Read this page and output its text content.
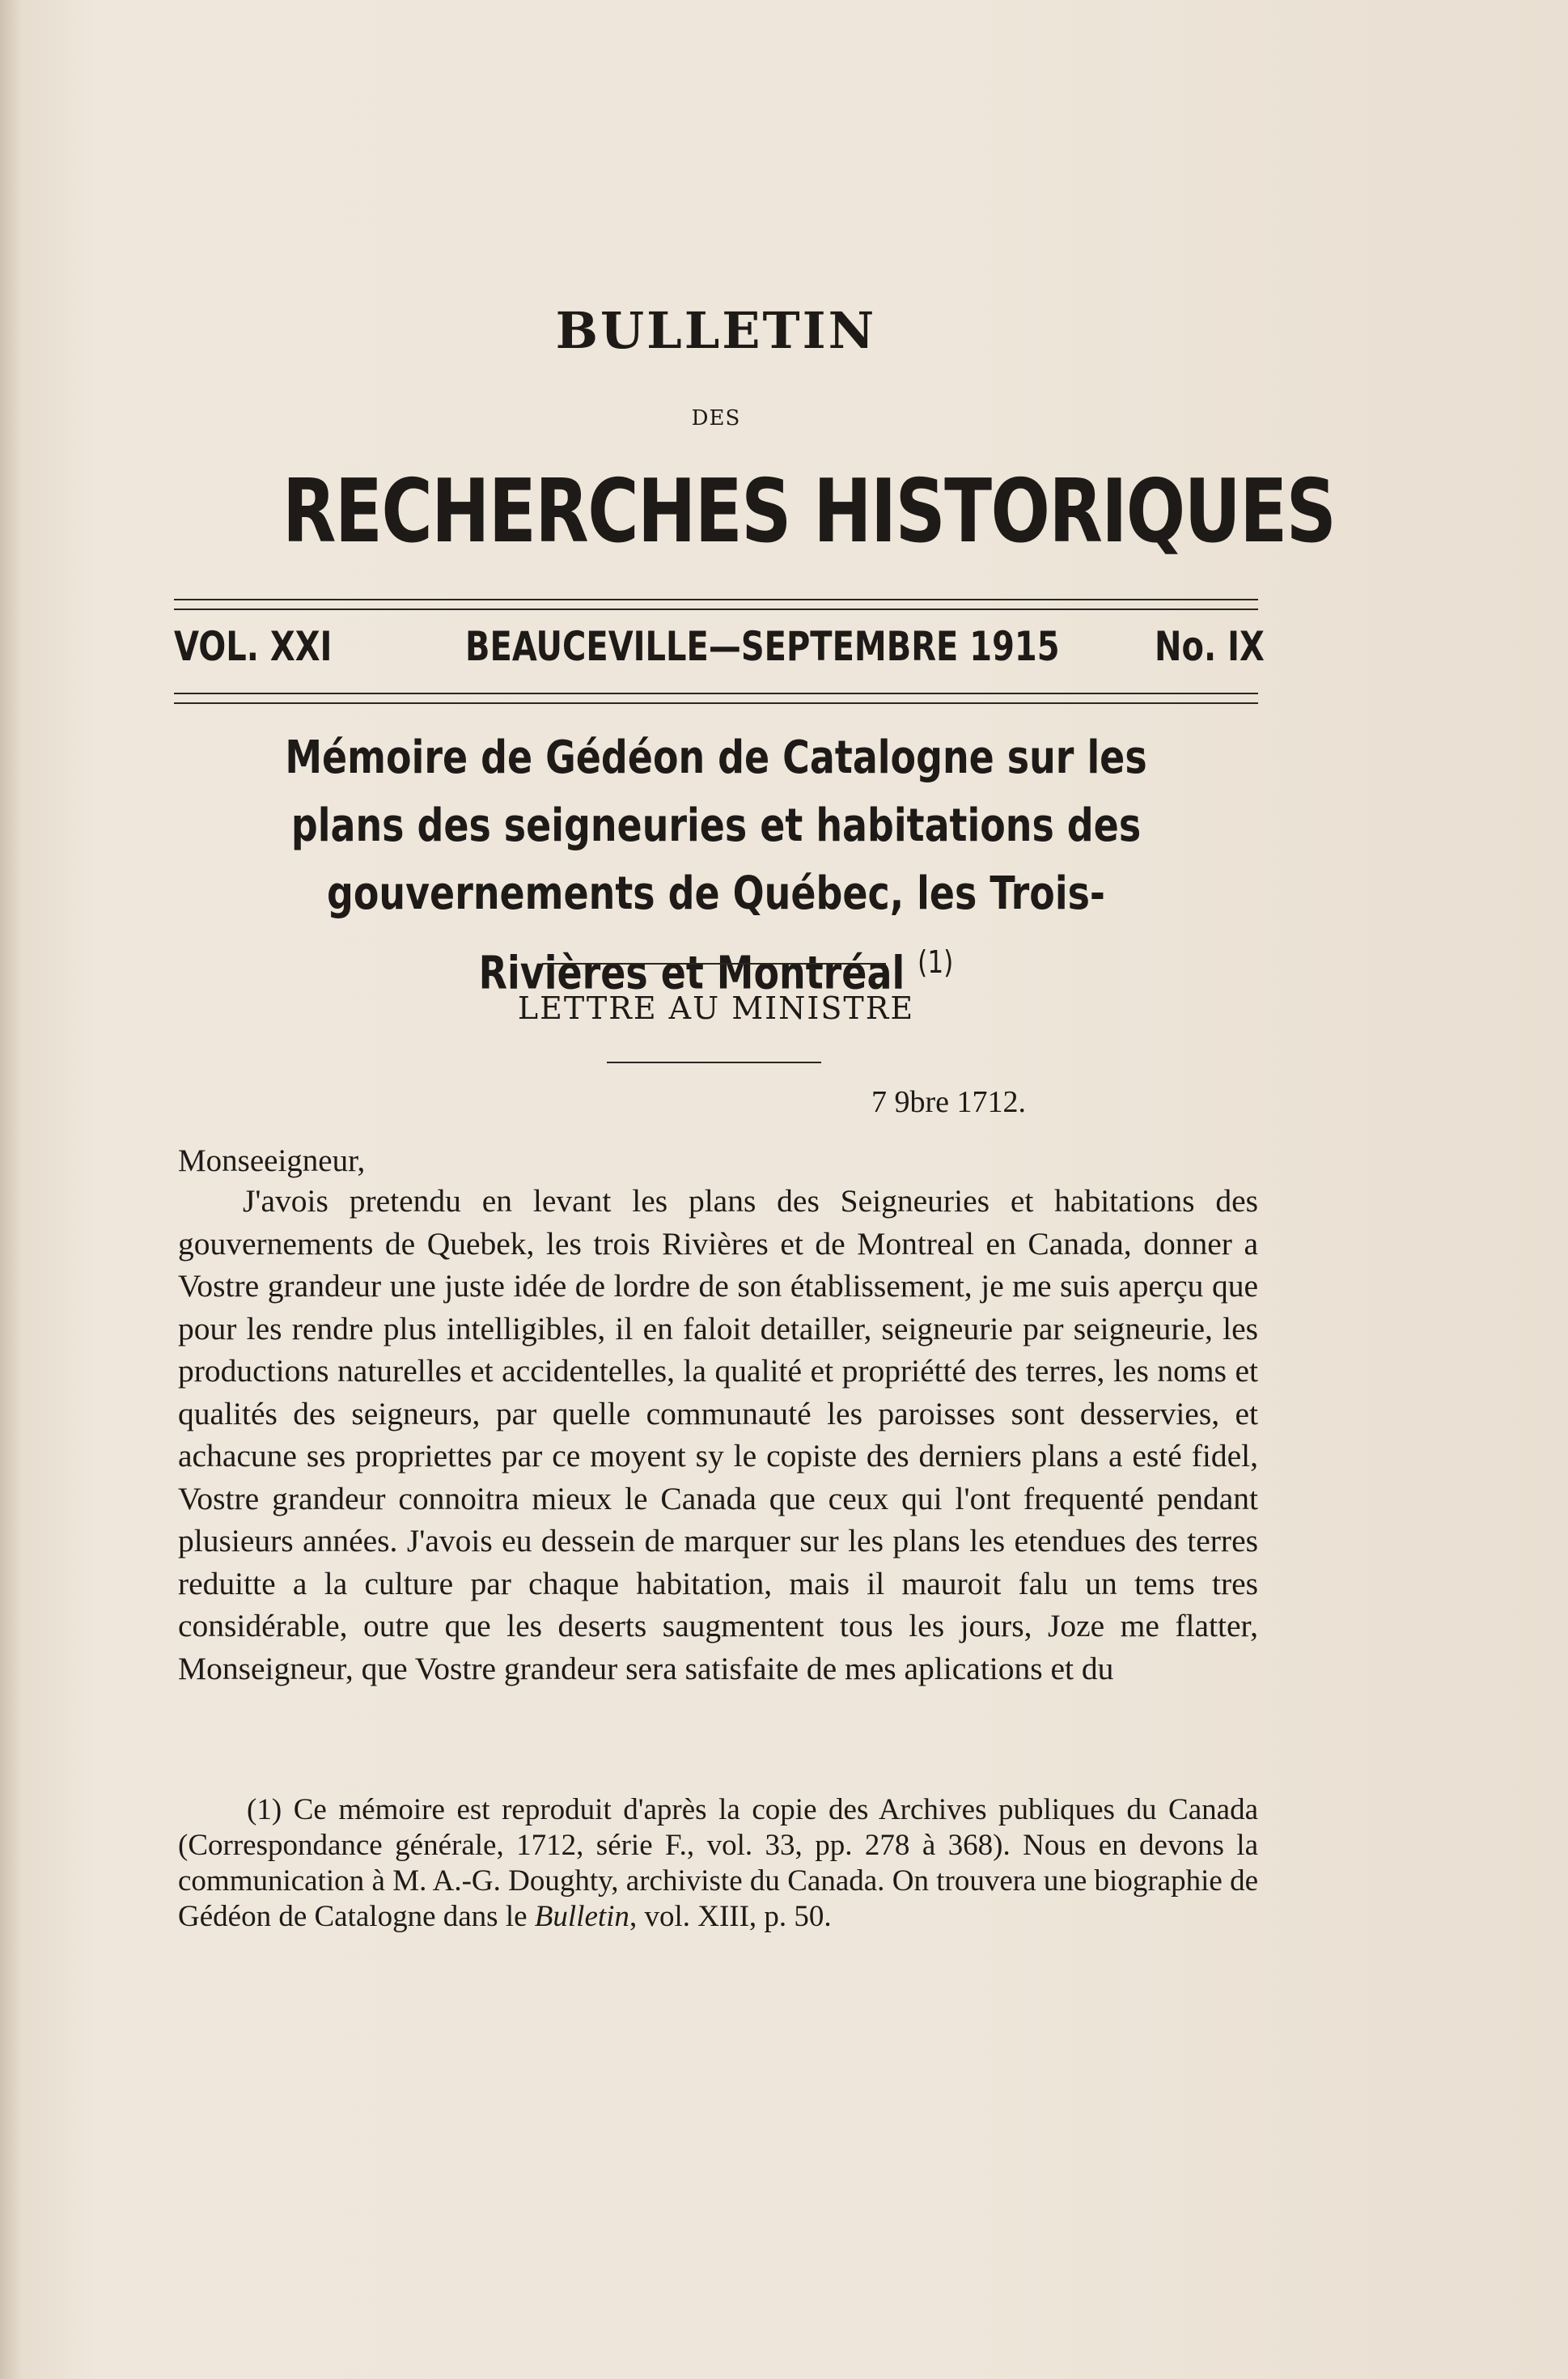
BULLETIN
DES
RECHERCHES HISTORIQUES
VOL. XXI	BEAUCEVILLE—SEPTEMBRE 1915 No. IX
Mémoire de Gédéon de Catalogne sur les plans des seigneuries et habitations des gouvernements de Québec, les Trois-Rivières et Montréal $^{(1)}$
LETTRE AU MINISTRE
7 9bre 1712.
Monseeigneur,

J'avois pretendu en levant les plans des Seigneuries et habitations des gouvernements de Quebek, les trois Rivières et de Montreal en Canada, donner a Vostre grandeur une juste idée de lordre de son établissement, je me suis aperçu que pour les rendre plus intelligibles, il en faloit detailler, seigneurie par seigneurie, les productions naturelles et accidentelles, la qualité et propriétté des terres, les noms et qualités des seigneurs, par quelle communauté les paroisses sont desservies, et achacune ses propriettes par ce moyent sy le copiste des derniers plans a esté fidel, Vostre grandeur connoitra mieux le Canada que ceux qui l'ont frequenté pendant plusieurs années. J'avois eu dessein de marquer sur les plans les etendues des terres reduitte a la culture par chaque habitation, mais il mauroit falu un tems tres considérable, outre que les deserts saugmentent tous les jours, Joze me flatter, Monseigneur, que Vostre grandeur sera satisfaite de mes aplications et du

(1) Ce mémoire est reproduit d'après la copie des Archives publiques du Canada (Correspondance générale, 1712, série F., vol. 33, pp. 278 à 368). Nous en devons la communication à M. A.-G. Doughty, archiviste du Canada. On trouvera une biographie de Gédéon de Catalogne dans le Bulletin, vol. XIII, p. 50.
